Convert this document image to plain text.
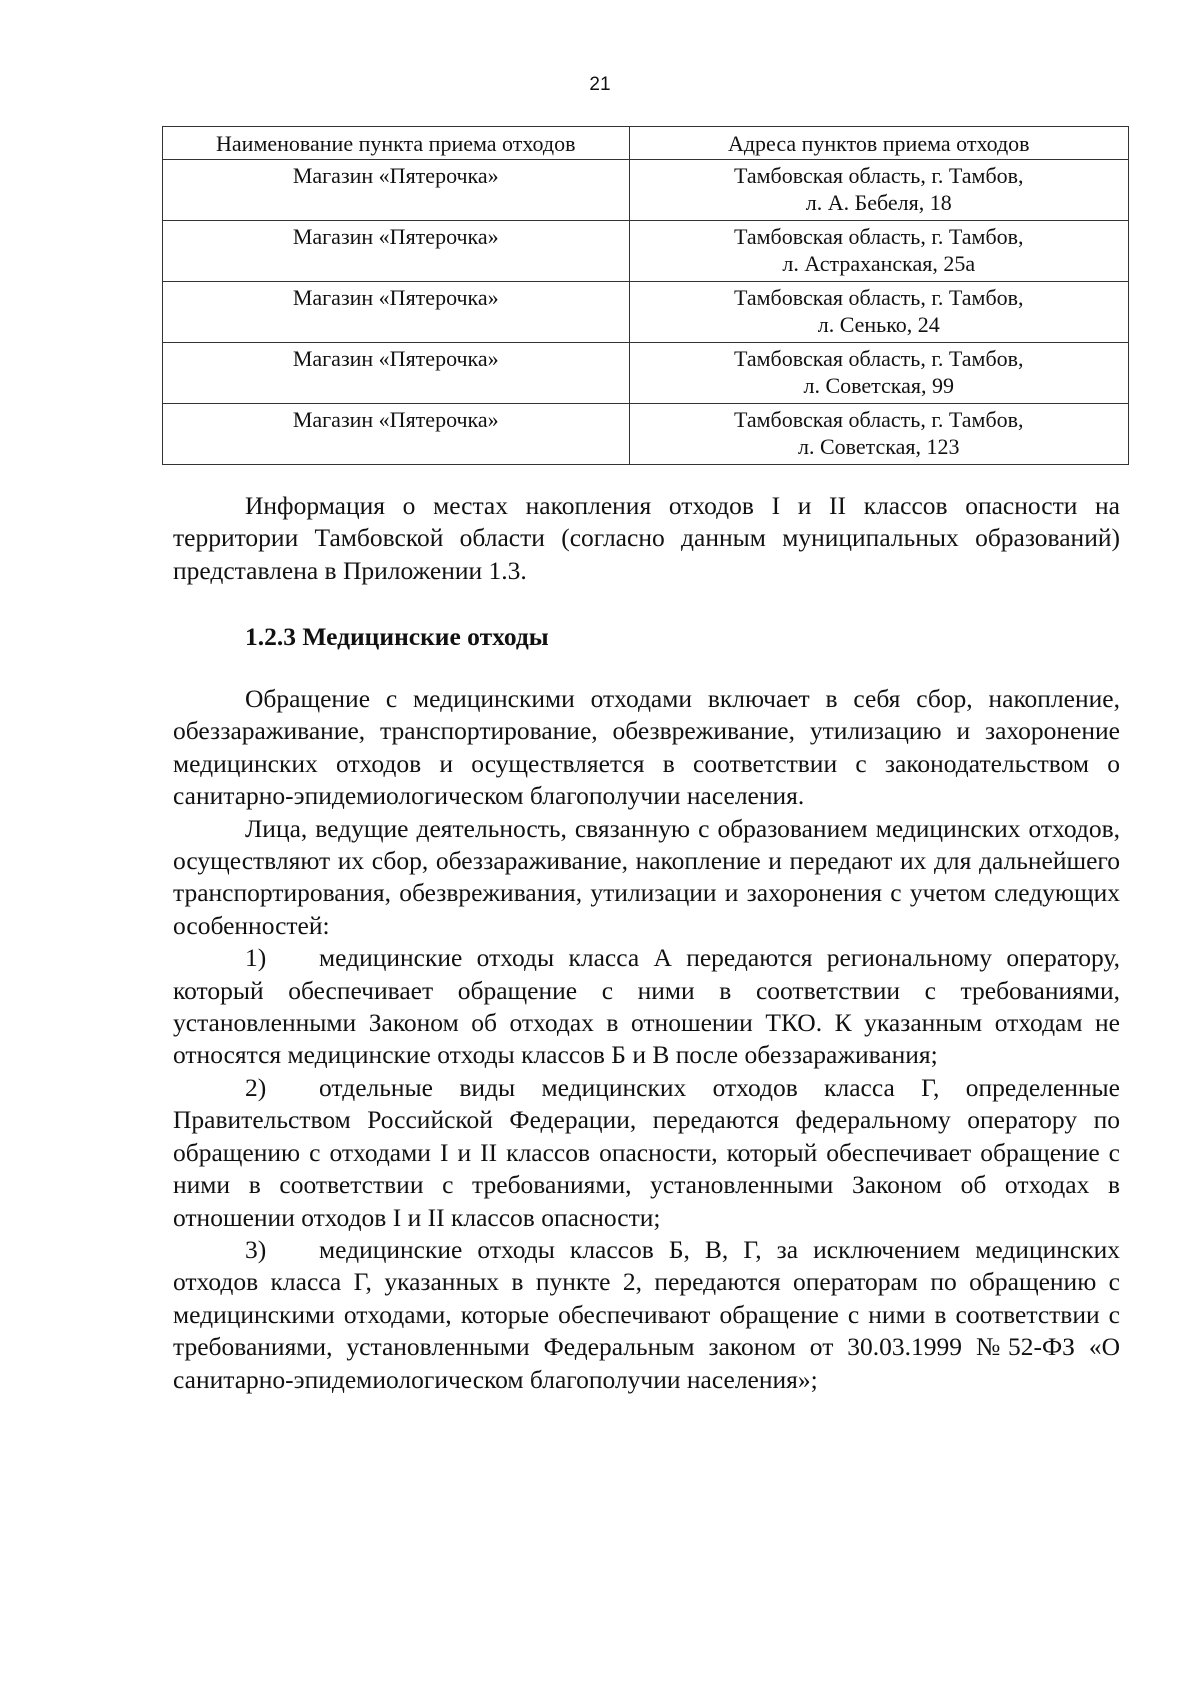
21
Наименование пункта приема отходов	Адреса пунктов приема отходов
Магазин «Пятерочка»	Тамбовская область, г. Тамбов,
л. А. Бебеля, 18

Магазин «Пятерочка»	Тамбовская область, г. Тамбов,
л. Астраханская, 25а

Магазин «Пятерочка»	Тамбовская область, г. Тамбов,
л. Сенько, 24

Магазин «Пятерочка»	Тамбовская область, г. Тамбов,
л. Советская, 99

Магазин «Пятерочка»	Тамбовская область, г. Тамбов,
л. Советская, 123

Информация о местах накопления отходов I и II классов опасности на территории Тамбовской области (согласно данным муниципальных образований) представлена в Приложении 1.3.

1.2.3 Медицинские отходы

Обращение с медицинскими отходами включает в себя сбор, накопление, обеззараживание, транспортирование, обезвреживание, утилизацию и захоронение медицинских отходов и осуществляется в соответствии с законодательством о санитарно-эпидемиологическом благополучии населения.

Лица, ведущие деятельность, связанную с образованием медицинских отходов, осуществляют их сбор, обеззараживание, накопление и передают их для дальнейшего транспортирования, обезвреживания, утилизации и захоронения с учетом следующих особенностей:

1) медицинские отходы класса А передаются региональному оператору, который обеспечивает обращение с ними в соответствии с требованиями, установленными Законом об отходах в отношении ТКО. К указанным отходам не относятся медицинские отходы классов Б и В после обеззараживания;

2) отдельные виды медицинских отходов класса Г, определенные Правительством Российской Федерации, передаются федеральному оператору по обращению с отходами I и II классов опасности, который обеспечивает обращение с ними в соответствии с требованиями, установленными Законом об отходах в отношении отходов I и II классов опасности;

3) медицинские отходы классов Б, В, Г, за исключением медицинских отходов класса Г, указанных в пункте 2, передаются операторам по обращению с медицинскими отходами, которые обеспечивают обращение с ними в соответствии с требованиями, установленными Федеральным законом от 30.03.1999 №52-ФЗ «О санитарно-эпидемиологическом благополучии населения»;
